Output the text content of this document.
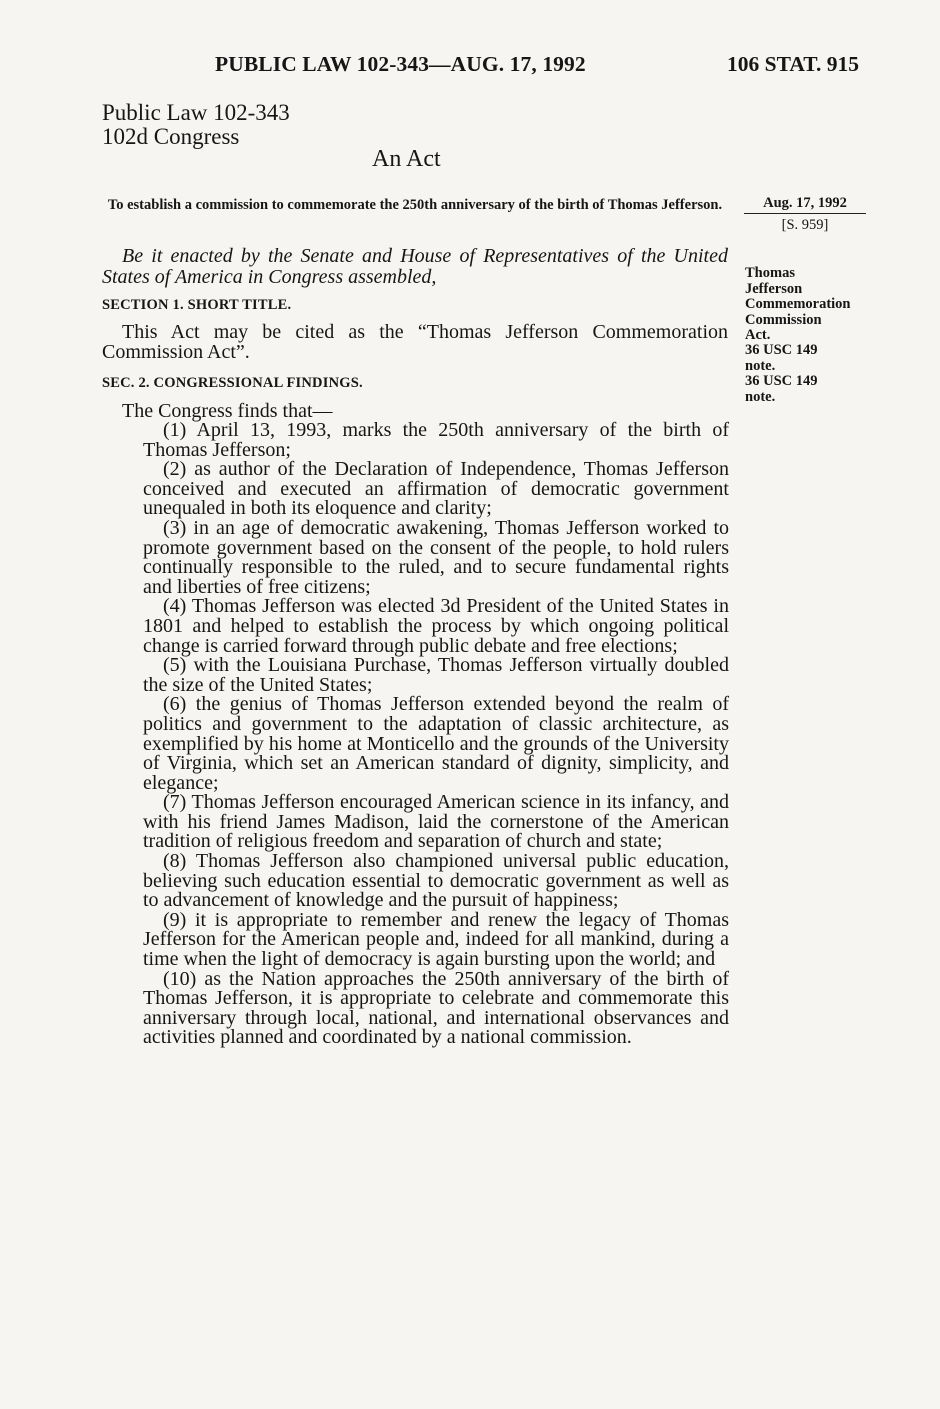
PUBLIC LAW 102-343—AUG. 17, 1992	106 STAT. 915
Public Law 102-343
102d Congress
An Act
To establish a commission to commemorate the 250th anniversary of the birth of Thomas Jefferson.	Aug. 17, 1992
[S. 959]
Thomas
Jefferson
Commemoration
Commission
Act.
36 USC 149
note.
36 USC 149
note.
Be it enacted by the Senate and House of Representatives of the United States of America in Congress assembled,
SECTION 1. SHORT TITLE.
This Act may be cited as the “Thomas Jefferson Commemoration Commission Act”.
SEC. 2. CONGRESSIONAL FINDINGS.
The Congress finds that—
(1) April 13, 1993, marks the 250th anniversary of the birth of Thomas Jefferson;
(2) as author of the Declaration of Independence, Thomas Jefferson conceived and executed an affirmation of democratic government unequaled in both its eloquence and clarity;
(3) in an age of democratic awakening, Thomas Jefferson worked to promote government based on the consent of the people, to hold rulers continually responsible to the ruled, and to secure fundamental rights and liberties of free citizens;
(4) Thomas Jefferson was elected 3d President of the United States in 1801 and helped to establish the process by which ongoing political change is carried forward through public debate and free elections;
(5) with the Louisiana Purchase, Thomas Jefferson virtually doubled the size of the United States;
(6) the genius of Thomas Jefferson extended beyond the realm of politics and government to the adaptation of classic architecture, as exemplified by his home at Monticello and the grounds of the University of Virginia, which set an American standard of dignity, simplicity, and elegance;
(7) Thomas Jefferson encouraged American science in its infancy, and with his friend James Madison, laid the cornerstone of the American tradition of religious freedom and separation of church and state;
(8) Thomas Jefferson also championed universal public education, believing such education essential to democratic government as well as to advancement of knowledge and the pursuit of happiness;
(9) it is appropriate to remember and renew the legacy of Thomas Jefferson for the American people and, indeed for all mankind, during a time when the light of democracy is again bursting upon the world; and
(10) as the Nation approaches the 250th anniversary of the birth of Thomas Jefferson, it is appropriate to celebrate and commemorate this anniversary through local, national, and international observances and activities planned and coordinated by a national commission.
